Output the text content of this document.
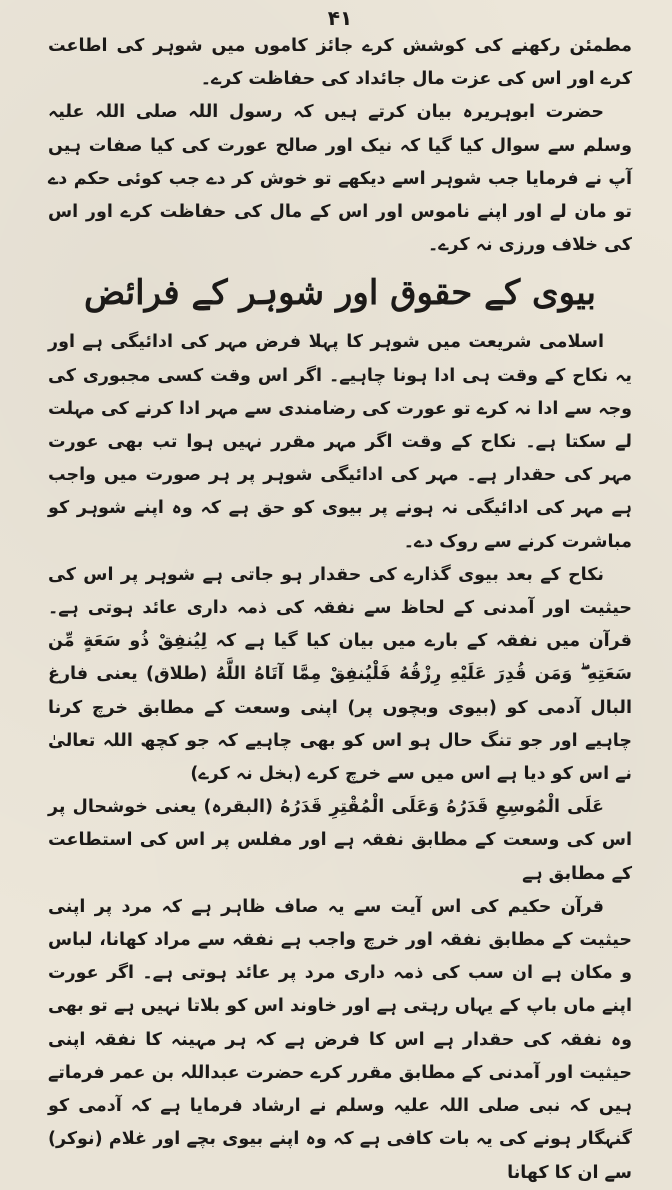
۴۱

مطمئن رکھنے کی کوشش کرے جائز کاموں میں شوہر کی اطاعت کرے اور اس کی عزت مال جائداد کی حفاظت کرے۔

حضرت ابوہریرہ بیان کرتے ہیں کہ رسول اللہ صلی اللہ علیہ وسلم سے سوال کیا گیا کہ نیک اور صالح عورت کی کیا صفات ہیں آپ نے فرمایا جب شوہر اسے دیکھے تو خوش کر دے جب کوئی حکم دے تو مان لے اور اپنے ناموس اور اس کے مال کی حفاظت کرے اور اس کی خلاف ورزی نہ کرے۔

بیوی کے حقوق اور شوہر کے فرائض

اسلامی شریعت میں شوہر کا پہلا فرض مہر کی ادائیگی ہے اور یہ نکاح کے وقت ہی ادا ہونا چاہیے۔ اگر اس وقت کسی مجبوری کی وجہ سے ادا نہ کرے تو عورت کی رضامندی سے مہر ادا کرنے کی مہلت لے سکتا ہے۔ نکاح کے وقت اگر مہر مقرر نہیں ہوا تب بھی عورت مہر کی حقدار ہے۔ مہر کی ادائیگی شوہر پر ہر صورت میں واجب ہے مہر کی ادائیگی نہ ہونے پر بیوی کو حق ہے کہ وہ اپنے شوہر کو مباشرت کرنے سے روک دے۔

نکاح کے بعد بیوی گذارے کی حقدار ہو جاتی ہے شوہر پر اس کی حیثیت اور آمدنی کے لحاظ سے نفقہ کی ذمہ داری عائد ہوتی ہے۔ قرآن میں نفقہ کے بارے میں بیان کیا گیا ہے کہ لِيُنفِقْ ذُو سَعَةٍ مِّن سَعَتِهِ ۖ وَمَن قُدِرَ عَلَيْهِ رِزْقُهُ فَلْيُنفِقْ مِمَّا آتَاهُ اللَّهُ (طلاق) یعنی فارغ البال آدمی کو (بیوی وبچوں پر) اپنی وسعت کے مطابق خرچ کرنا چاہیے اور جو تنگ حال ہو اس کو بھی چاہیے کہ جو کچھ اللہ تعالیٰ نے اس کو دیا ہے اس میں سے خرچ کرے (بخل نہ کرے)

عَلَى الْمُوسِعِ قَدَرُهُ وَعَلَى الْمُقْتِرِ قَدَرُهُ (البقرہ) یعنی خوشحال پر اس کی وسعت کے مطابق نفقہ ہے اور مفلس پر اس کی استطاعت کے مطابق ہے

قرآن حکیم کی اس آیت سے یہ صاف ظاہر ہے کہ مرد پر اپنی حیثیت کے مطابق نفقہ اور خرچ واجب ہے نفقہ سے مراد کھانا، لباس و مکان ہے ان سب کی ذمہ داری مرد پر عائد ہوتی ہے۔ اگر عورت اپنے ماں باپ کے یہاں رہتی ہے اور خاوند اس کو بلاتا نہیں ہے تو بھی وہ نفقہ کی حقدار ہے اس کا فرض ہے کہ ہر مہینہ کا نفقہ اپنی حیثیت اور آمدنی کے مطابق مقرر کرے حضرت عبداللہ بن عمر فرماتے ہیں کہ نبی صلی اللہ علیہ وسلم نے ارشاد فرمایا ہے کہ آدمی کو گنہگار ہونے کی یہ بات کافی ہے کہ وہ اپنے بیوی بچے اور غلام (نوکر) سے ان کا کھانا
